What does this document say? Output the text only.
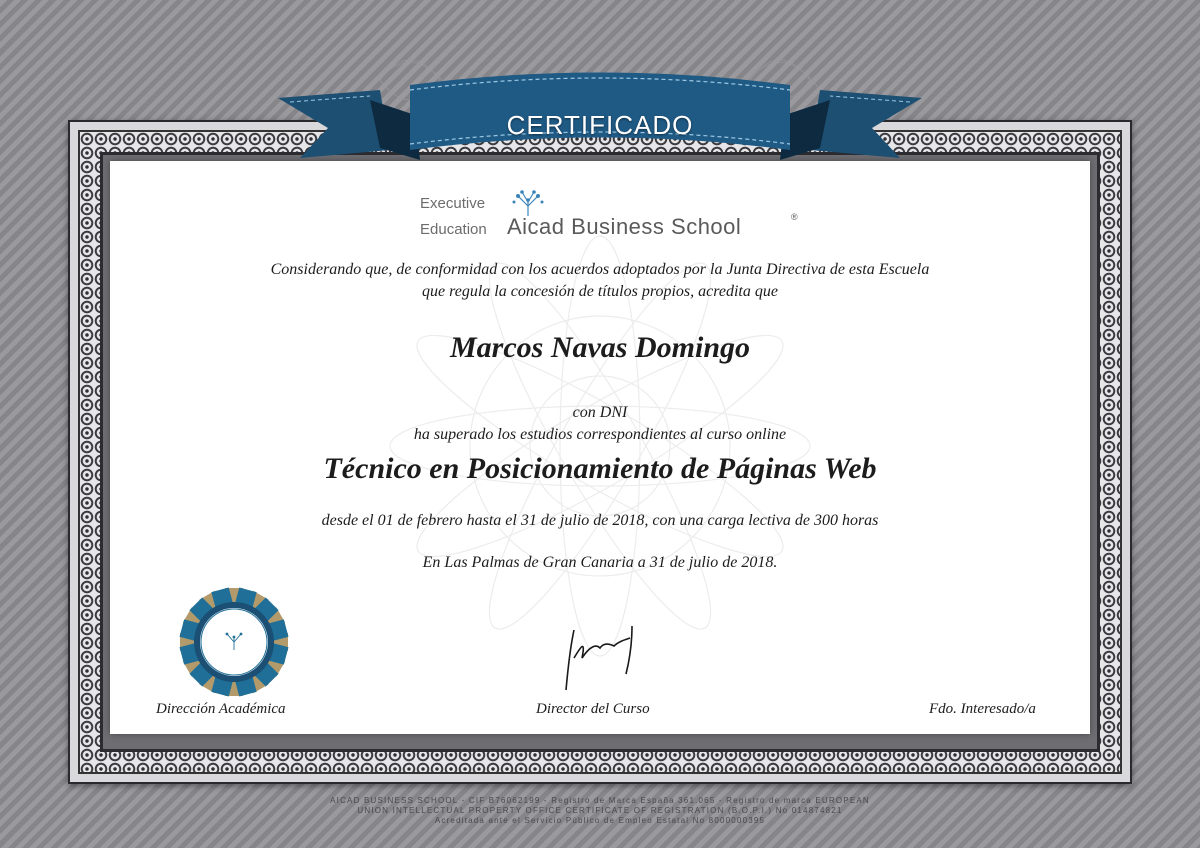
CERTIFICADO
Executive
Education Aicad Business School	®
Considerando que, de conformidad con los acuerdos adoptados por la Junta Directiva de esta Escuela
que regula la concesión de títulos propios, acredita que
Marcos Navas Domingo
con DNI
ha superado los estudios correspondientes al curso online
Técnico en Posicionamiento de Páginas Web
desde el 01 de febrero hasta el 31 de julio de 2018, con una carga lectiva de 300 horas
En Las Palmas de Gran Canaria a 31 de julio de 2018.
Dirección Académica	Director del Curso	Fdo. Interesado/a
AICAD BUSINESS SCHOOL - CIF B76062199 - Registro de Marca España 361.065 - Registro de marca EUROPEAN
UNION INTELLECTUAL PROPERTY OFFICE CERTIFICATE OF REGISTRATION (B.O.P.I.) No 014874821
Acreditada ante el Servicio Público de Empleo Estatal No 8000000395
